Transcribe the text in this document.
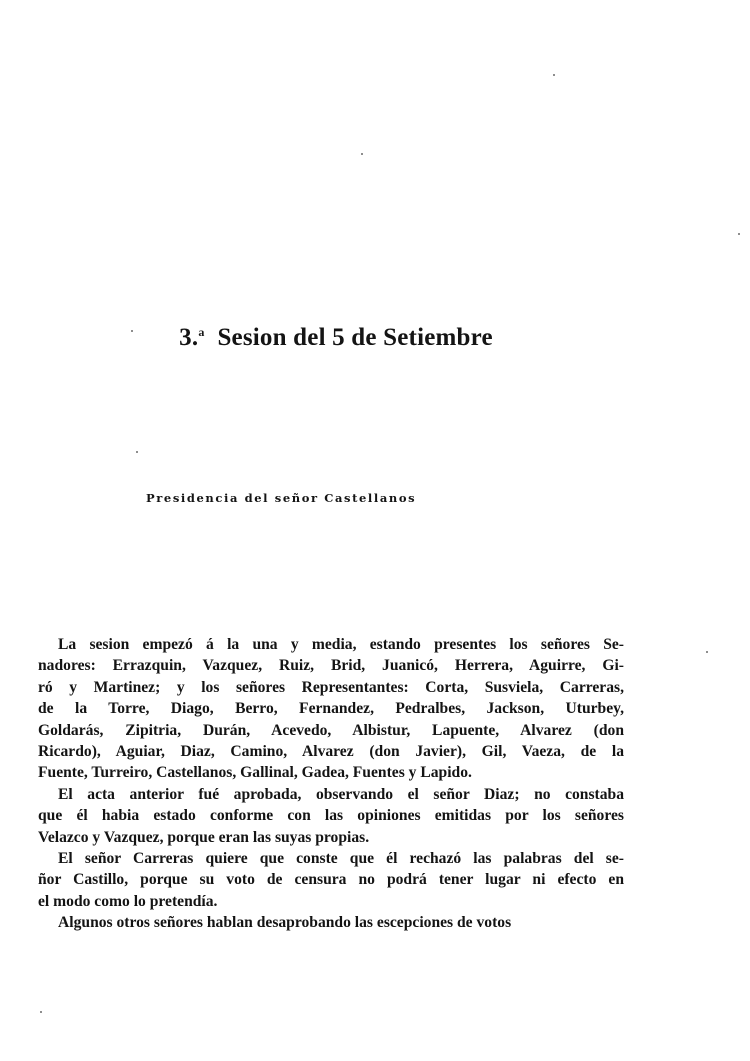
3.$^a$ Sesion del 5 de Setiembre
Presidencia del señor Castellanos

La sesion empezó á la una y media, estando presentes los señores Se-
nadores: Errazquin, Vazquez, Ruiz, Brid, Juanicó, Herrera, Aguirre, Gi-
ró y Martinez; y los señores Representantes: Corta, Susviela, Carreras,
de la Torre, Diago, Berro, Fernandez, Pedralbes, Jackson, Uturbey,
Goldarás, Zipitria, Durán, Acevedo, Albistur, Lapuente, Alvarez (don
Ricardo), Aguiar, Diaz, Camino, Alvarez (don Javier), Gil, Vaeza, de la
Fuente, Turreiro, Castellanos, Gallinal, Gadea, Fuentes y Lapido.

El acta anterior fué aprobada, observando el señor Diaz; no constaba
que él habia estado conforme con las opiniones emitidas por los señores
Velazco y Vazquez, porque eran las suyas propias.

El señor Carreras quiere que conste que él rechazó las palabras del se-
ñor Castillo, porque su voto de censura no podrá tener lugar ni efecto en
el modo como lo pretendía.

Algunos otros señores hablan desaprobando las escepciones de votos
